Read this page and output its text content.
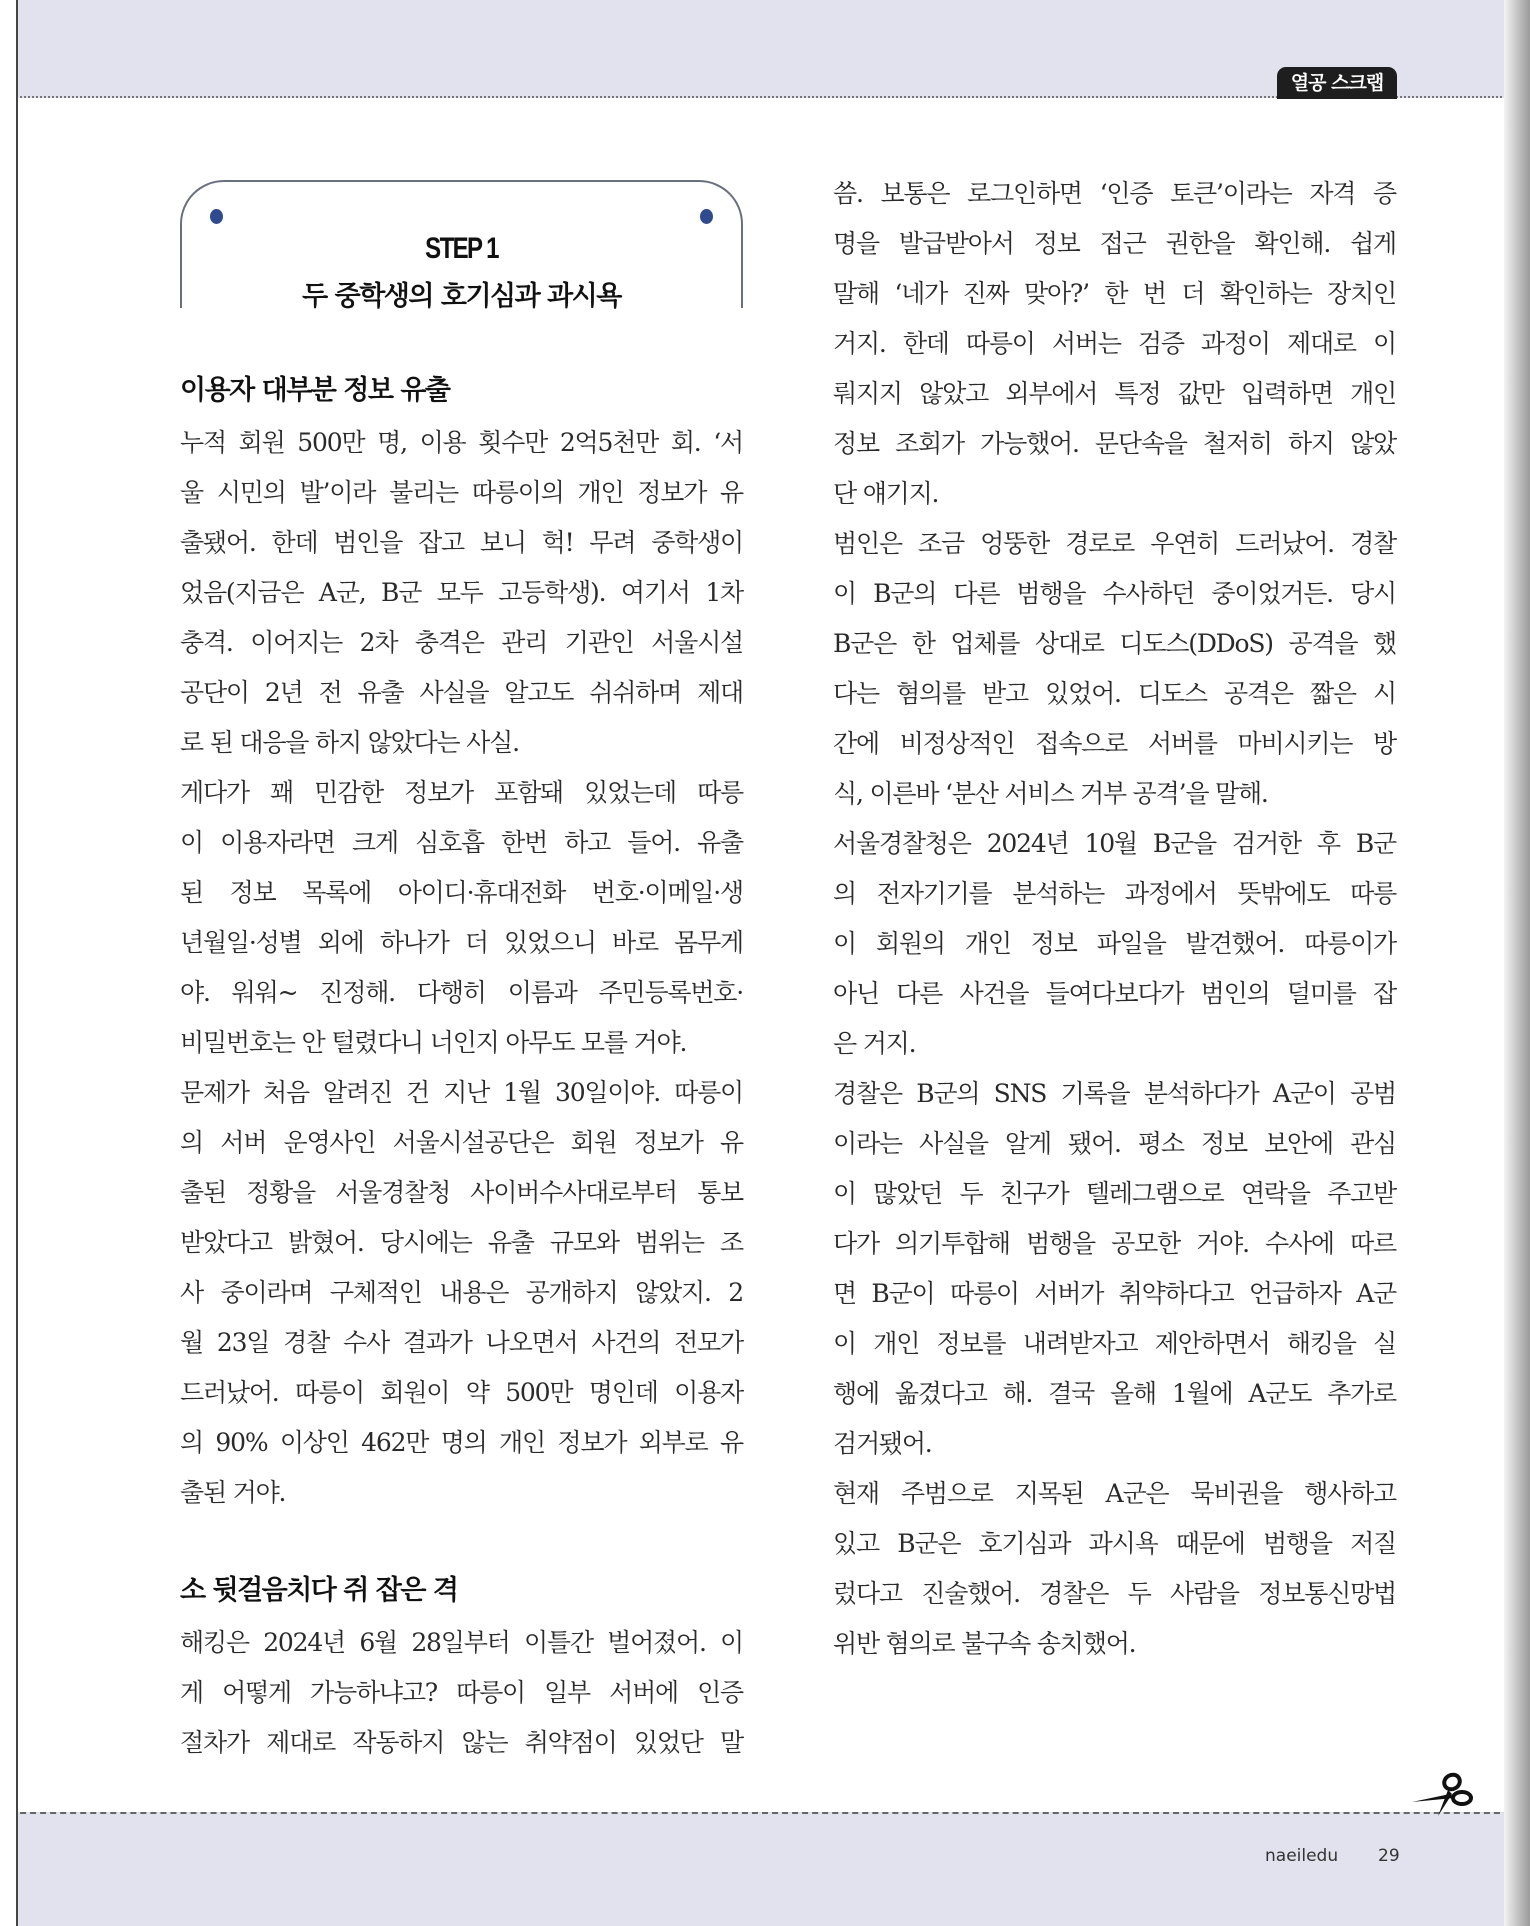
열공 스크랩
STEP 1
두 중학생의 호기심과 과시욕
이용자 대부분 정보 유출
누적 회원 500만 명, 이용 횟수만 2억5천만 회. ‘서
울 시민의 발’이라 불리는 따릉이의 개인 정보가 유
출됐어. 한데 범인을 잡고 보니 헉! 무려 중학생이
었음(지금은 A군, B군 모두 고등학생). 여기서 1차
충격. 이어지는 2차 충격은 관리 기관인 서울시설
공단이 2년 전 유출 사실을 알고도 쉬쉬하며 제대
로 된 대응을 하지 않았다는 사실.
게다가 꽤 민감한 정보가 포함돼 있었는데 따릉
이 이용자라면 크게 심호흡 한번 하고 들어. 유출
된 정보 목록에 아이디·휴대전화 번호·이메일·생
년월일·성별 외에 하나가 더 있었으니 바로 몸무게
야. 워워~ 진정해. 다행히 이름과 주민등록번호·
비밀번호는 안 털렸다니 너인지 아무도 모를 거야.
문제가 처음 알려진 건 지난 1월 30일이야. 따릉이
의 서버 운영사인 서울시설공단은 회원 정보가 유
출된 정황을 서울경찰청 사이버수사대로부터 통보
받았다고 밝혔어. 당시에는 유출 규모와 범위는 조
사 중이라며 구체적인 내용은 공개하지 않았지. 2
월 23일 경찰 수사 결과가 나오면서 사건의 전모가
드러났어. 따릉이 회원이 약 500만 명인데 이용자
의 90% 이상인 462만 명의 개인 정보가 외부로 유
출된 거야.
소 뒷걸음치다 쥐 잡은 격
해킹은 2024년 6월 28일부터 이틀간 벌어졌어. 이
게 어떻게 가능하냐고? 따릉이 일부 서버에 인증
절차가 제대로 작동하지 않는 취약점이 있었단 말
씀. 보통은 로그인하면 ‘인증 토큰’이라는 자격 증
명을 발급받아서 정보 접근 권한을 확인해. 쉽게
말해 ‘네가 진짜 맞아?’ 한 번 더 확인하는 장치인
거지. 한데 따릉이 서버는 검증 과정이 제대로 이
뤄지지 않았고 외부에서 특정 값만 입력하면 개인
정보 조회가 가능했어. 문단속을 철저히 하지 않았
단 얘기지.
범인은 조금 엉뚱한 경로로 우연히 드러났어. 경찰
이 B군의 다른 범행을 수사하던 중이었거든. 당시
B군은 한 업체를 상대로 디도스(DDoS) 공격을 했
다는 혐의를 받고 있었어. 디도스 공격은 짧은 시
간에 비정상적인 접속으로 서버를 마비시키는 방
식, 이른바 ‘분산 서비스 거부 공격’을 말해.
서울경찰청은 2024년 10월 B군을 검거한 후 B군
의 전자기기를 분석하는 과정에서 뜻밖에도 따릉
이 회원의 개인 정보 파일을 발견했어. 따릉이가
아닌 다른 사건을 들여다보다가 범인의 덜미를 잡
은 거지.
경찰은 B군의 SNS 기록을 분석하다가 A군이 공범
이라는 사실을 알게 됐어. 평소 정보 보안에 관심
이 많았던 두 친구가 텔레그램으로 연락을 주고받
다가 의기투합해 범행을 공모한 거야. 수사에 따르
면 B군이 따릉이 서버가 취약하다고 언급하자 A군
이 개인 정보를 내려받자고 제안하면서 해킹을 실
행에 옮겼다고 해. 결국 올해 1월에 A군도 추가로
검거됐어.
현재 주범으로 지목된 A군은 묵비권을 행사하고
있고 B군은 호기심과 과시욕 때문에 범행을 저질
렀다고 진술했어. 경찰은 두 사람을 정보통신망법
위반 혐의로 불구속 송치했어.
naeiledu 29
